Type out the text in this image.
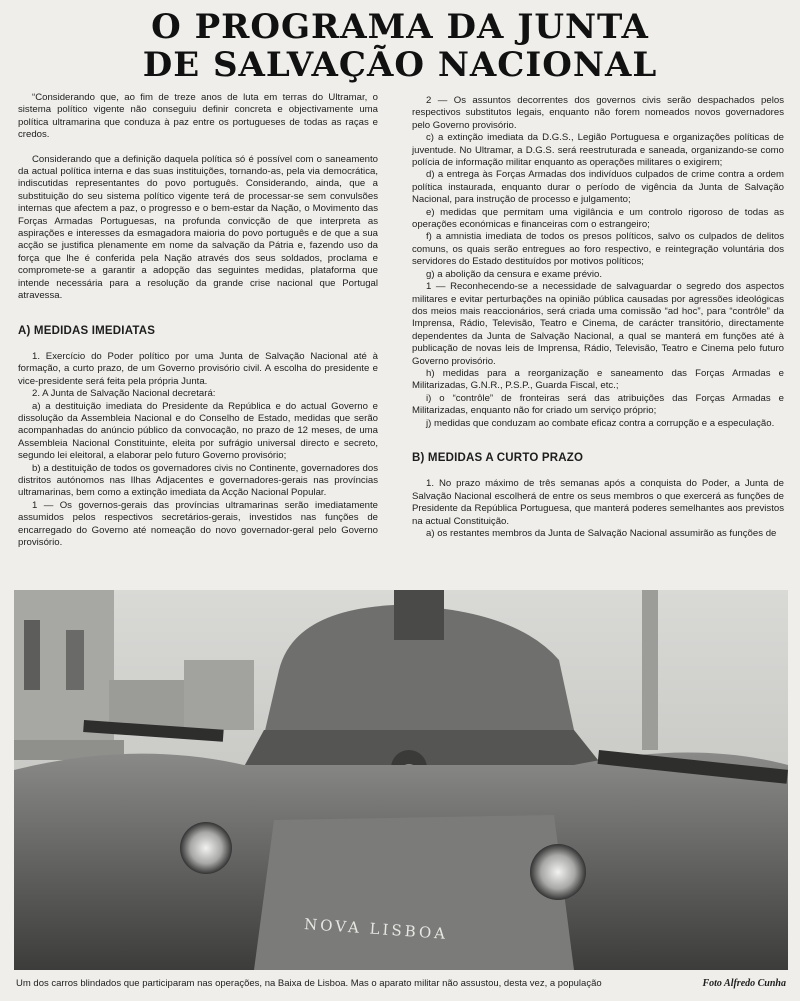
O PROGRAMA DA JUNTA
DE SALVAÇÃO NACIONAL

“Considerando que, ao fim de treze anos de luta em terras do Ultramar, o sistema político vigente não conseguiu definir concreta e objectivamente uma política ultramarina que conduza à paz entre os portugueses de todas as raças e credos.

Considerando que a definição daquela política só é possível com o saneamento da actual política interna e das suas instituições, tornando-as, pela via democrática, indiscutidas representantes do povo português. Considerando, ainda, que a substituição do seu sistema político vigente terá de processar-se sem convulsões internas que afectem a paz, o progresso e o bem-estar da Nação, o Movimento das Forças Armadas Portuguesas, na profunda convicção de que interpreta as aspirações e interesses da esmagadora maioria do povo português e de que a sua acção se justifica plenamente em nome da salvação da Pátria e, fazendo uso da força que lhe é conferida pela Nação através dos seus soldados, proclama e compromete-se a garantir a adopção das seguintes medidas, plataforma que intende necessária para a resolução da grande crise nacional que Portugal atravessa.

A) MEDIDAS IMEDIATAS

1. Exercício do Poder político por uma Junta de Salvação Nacional até à formação, a curto prazo, de um Governo provisório civil. A escolha do presidente e vice-presidente será feita pela própria Junta.

2. A Junta de Salvação Nacional decretará:

a) a destituição imediata do Presidente da República e do actual Governo e dissolução da Assembleia Nacional e do Conselho de Estado, medidas que serão acompanhadas do anúncio público da convocação, no prazo de 12 meses, de uma Assembleia Nacional Constituinte, eleita por sufrágio universal directo e secreto, segundo lei eleitoral, a elaborar pelo futuro Governo provisório;

b) a destituição de todos os governadores civis no Continente, governadores dos distritos autónomos nas Ilhas Adjacentes e governadores-gerais nas províncias ultramarinas, bem como a extinção imediata da Acção Nacional Popular.

1 — Os governos-gerais das províncias ultramarinas serão imediatamente assumidos pelos respectivos secretários-gerais, investidos nas funções de encarregado do Governo até nomeação do novo governador-geral pelo Governo provisório.

2 — Os assuntos decorrentes dos governos civis serão despachados pelos respectivos substitutos legais, enquanto não forem nomeados novos governadores pelo Governo provisório.

c) a extinção imediata da D.G.S., Legião Portuguesa e organizações políticas de juventude. No Ultramar, a D.G.S. será reestruturada e saneada, organizando-se como polícia de informação militar enquanto as operações militares o exigirem;

d) a entrega às Forças Armadas dos indivíduos culpados de crime contra a ordem política instaurada, enquanto durar o período de vigência da Junta de Salvação Nacional, para instrução de processo e julgamento;

e) medidas que permitam uma vigilância e um controlo rigoroso de todas as operações económicas e financeiras com o estrangeiro;

f) a amnistia imediata de todos os presos políticos, salvo os culpados de delitos comuns, os quais serão entregues ao foro respectivo, e reintegração voluntária dos servidores do Estado destituídos por motivos políticos;

g) a abolição da censura e exame prévio.

1 — Reconhecendo-se a necessidade de salvaguardar o segredo dos aspectos militares e evitar perturbações na opinião pública causadas por agressões ideológicas dos meios mais reaccionários, será criada uma comissão “ad hoc”, para “contrôle” da Imprensa, Rádio, Televisão, Teatro e Cinema, de carácter transitório, directamente dependentes da Junta de Salvação Nacional, a qual se manterá em funções até à publicação de novas leis de Imprensa, Rádio, Televisão, Teatro e Cinema pelo futuro Governo provisório.

h) medidas para a reorganização e saneamento das Forças Armadas e Militarizadas, G.N.R., P.S.P., Guarda Fiscal, etc.;

i) o “contrôle” de fronteiras será das atribuições das Forças Armadas e Militarizadas, enquanto não for criado um serviço próprio;

j) medidas que conduzam ao combate eficaz contra a corrupção e a especulação.

B) MEDIDAS A CURTO PRAZO

1. No prazo máximo de três semanas após a conquista do Poder, a Junta de Salvação Nacional escolherá de entre os seus membros o que exercerá as funções de Presidente da República Portuguesa, que manterá poderes semelhantes aos previstos na actual Constituição.

a) os restantes membros da Junta de Salvação Nacional assumirão as funções de

NOVA LISBOA
Um dos carros blindados que participaram nas operações, na Baixa de Lisboa. Mas o aparato militar não assustou, desta vez, a população	Foto Alfredo Cunha
